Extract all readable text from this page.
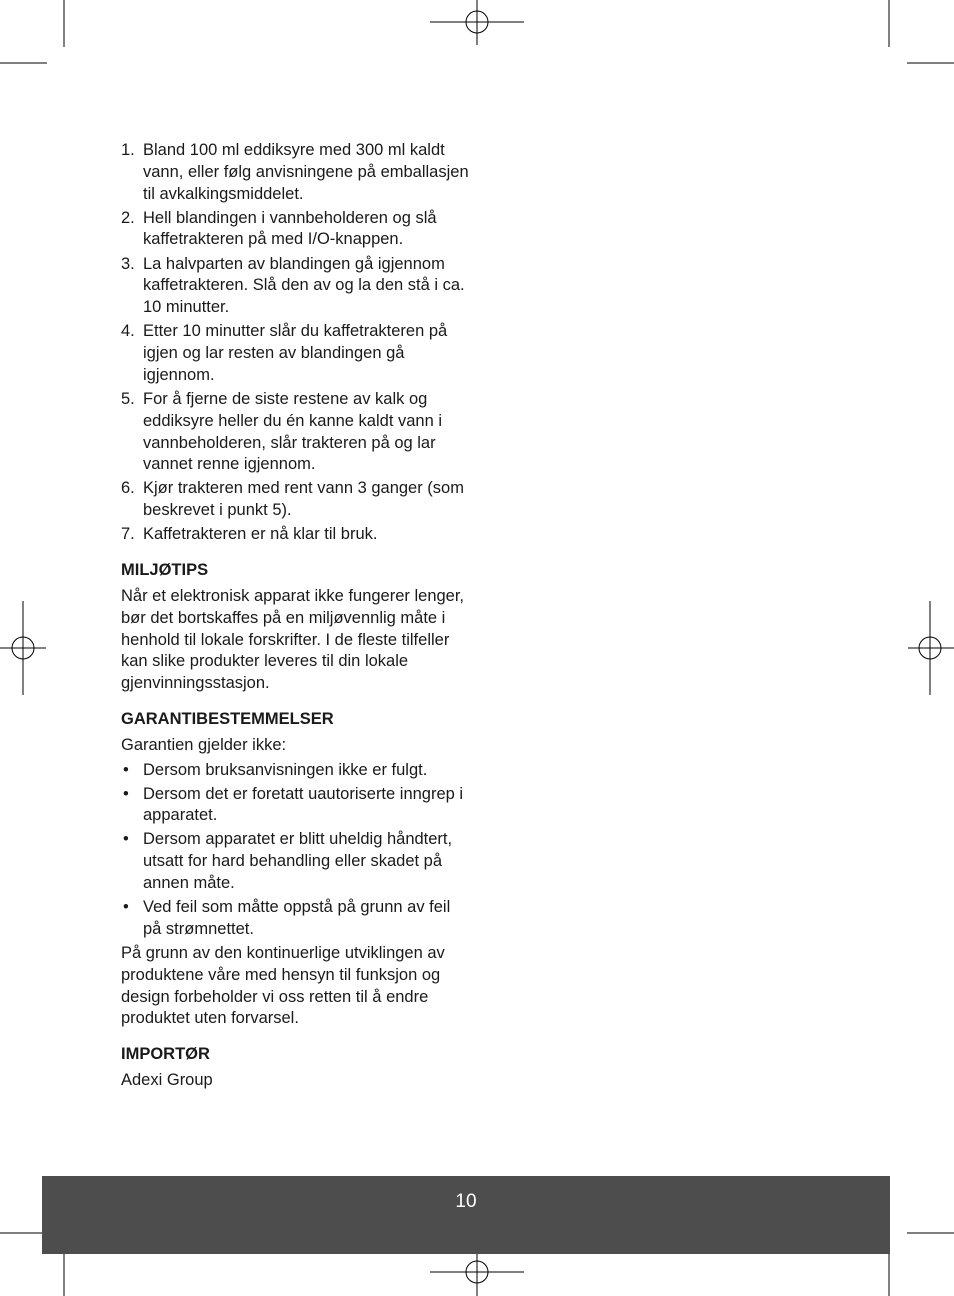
1. Bland 100 ml eddiksyre med 300 ml kaldt vann, eller følg anvisningene på emballasjen til avkalkingsmiddelet.
2. Hell blandingen i vannbeholderen og slå kaffetrakteren på med I/O-knappen.
3. La halvparten av blandingen gå igjennom kaffetrakteren. Slå den av og la den stå i ca. 10 minutter.
4. Etter 10 minutter slår du kaffetrakteren på igjen og lar resten av blandingen gå igjennom.
5. For å fjerne de siste restene av kalk og eddiksyre heller du én kanne kaldt vann i vannbeholderen, slår trakteren på og lar vannet renne igjennom.
6. Kjør trakteren med rent vann 3 ganger (som beskrevet i punkt 5).
7. Kaffetrakteren er nå klar til bruk.
MILJØTIPS

Når et elektronisk apparat ikke fungerer lenger, bør det bortskaffes på en miljøvennlig måte i henhold til lokale forskrifter. I de fleste tilfeller kan slike produkter leveres til din lokale gjenvinningsstasjon.

GARANTIBESTEMMELSER

Garantien gjelder ikke:

• Dersom bruksanvisningen ikke er fulgt.
• Dersom det er foretatt uautoriserte inngrep i apparatet.
• Dersom apparatet er blitt uheldig håndtert, utsatt for hard behandling eller skadet på annen måte.
• Ved feil som måtte oppstå på grunn av feil på strømnettet.

På grunn av den kontinuerlige utviklingen av produktene våre med hensyn til funksjon og design forbeholder vi oss retten til å endre produktet uten forvarsel.

IMPORTØR

Adexi Group

10
